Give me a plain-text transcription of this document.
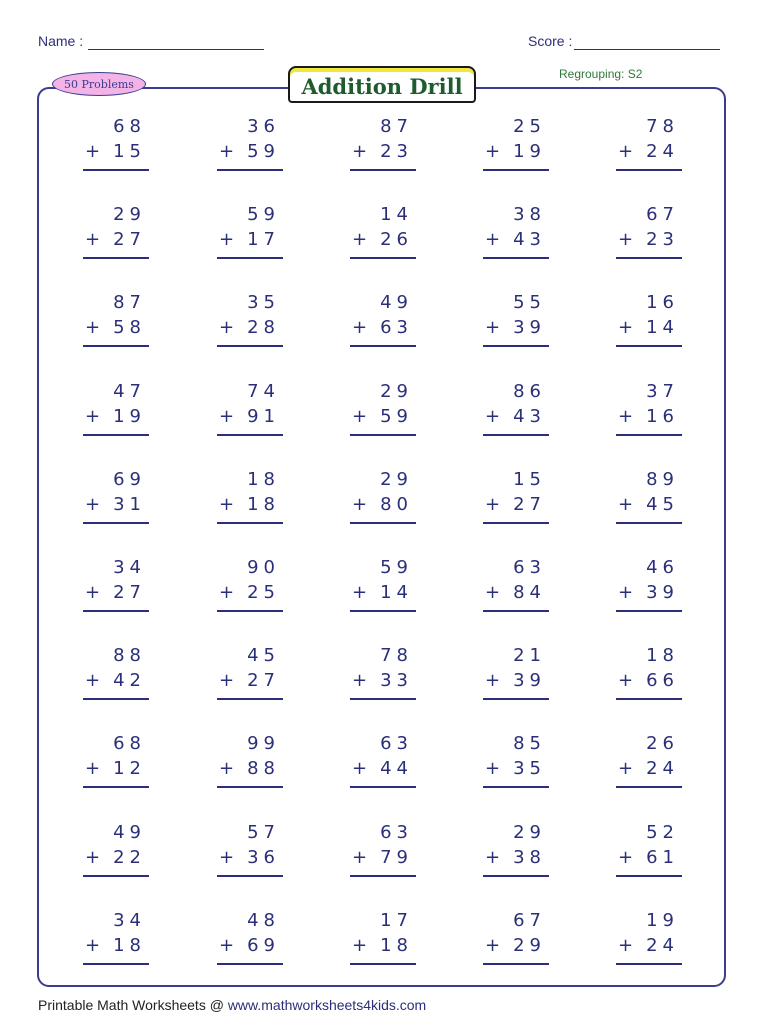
Name :	Score :
50 Problems	Addition Drill	Regrouping: S2
68
+ 15
36
+ 59
87
+ 23
25
+ 19
78
+ 24
29
+ 27
59
+ 17
14
+ 26
38
+ 43
67
+ 23
87
+ 58
35
+ 28
49
+ 63
55
+ 39
16
+ 14
47
+ 19
74
+ 91
29
+ 59
86
+ 43
37
+ 16
69
+ 31
18
+ 18
29
+ 80
15
+ 27
89
+ 45
34
+ 27
90
+ 25
59
+ 14
63
+ 84
46
+ 39
88
+ 42
45
+ 27
78
+ 33
21
+ 39
18
+ 66
68
+ 12
99
+ 88
63
+ 44
85
+ 35
26
+ 24
49
+ 22
57
+ 36
63
+ 79
29
+ 38
52
+ 61
34
+ 18
48
+ 69
17
+ 18
67
+ 29
19
+ 24
Printable Math Worksheets @ www.mathworksheets4kids.com
